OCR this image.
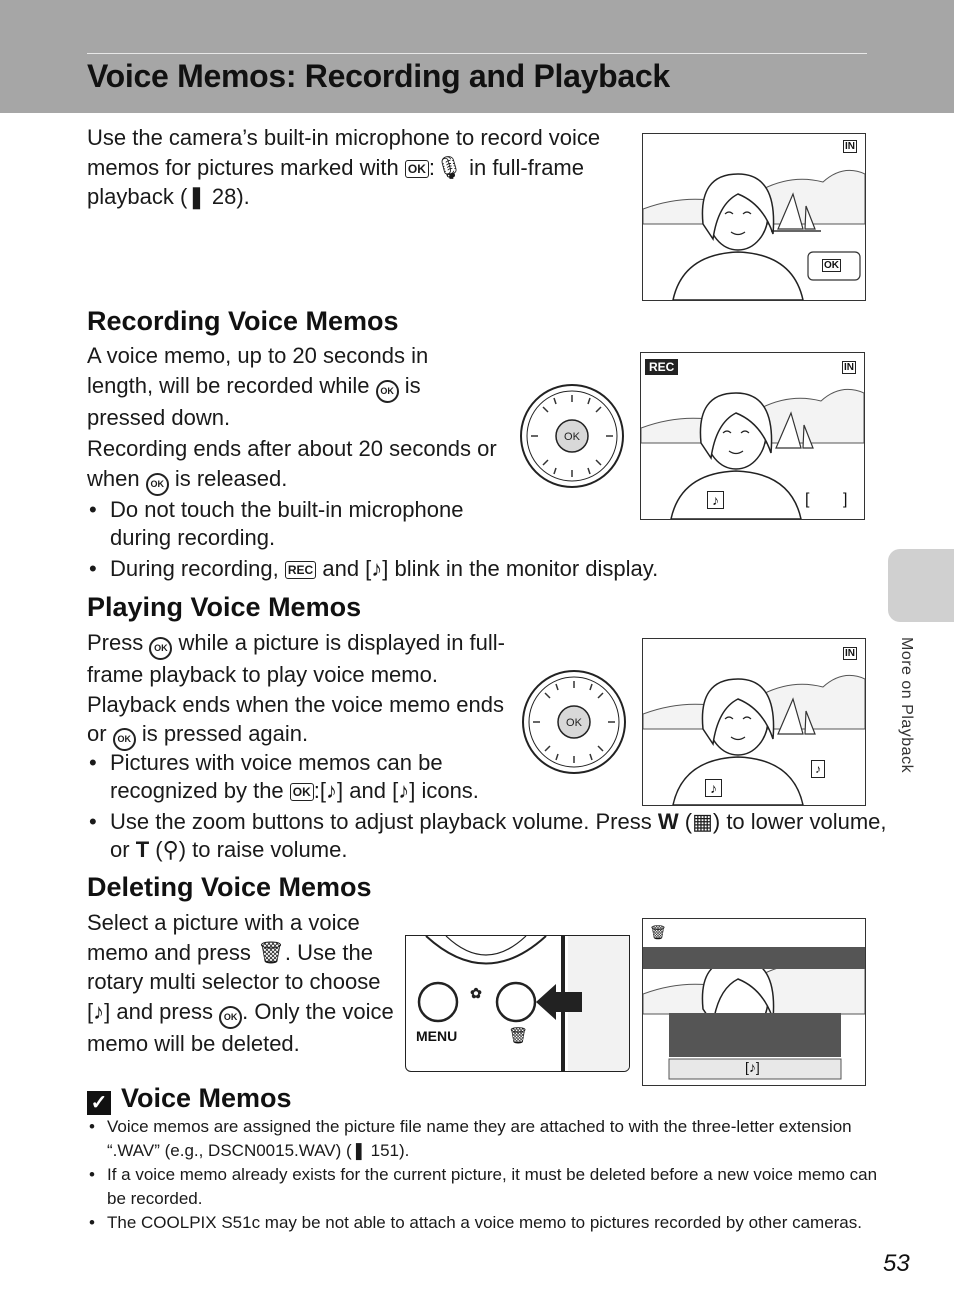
Voice Memos: Recording and Playback
More on Playback
Use the camera’s built-in microphone to record voice memos for pictures marked with OK :🎙 in full-frame playback (❚ 28).
IN
OK
Recording Voice Memos
A voice memo, up to 20 seconds in length, will be recorded while OK is pressed down.
Recording ends after about 20 seconds or when OK is released.
• Do not touch the built-in microphone during recording.
• During recording, REC and [♪] blink in the monitor display.
OK
REC	IN
♪	[ ]
Playing Voice Memos
Press OK while a picture is displayed in full-frame playback to play voice memo. Playback ends when the voice memo ends or OK is pressed again.
• Pictures with voice memos can be recognized by the OK :[♪] and [♪] icons.
• Use the zoom buttons to adjust playback volume. Press W (▦) to lower volume, or T (⚲) to raise volume.
OK
IN
♪
♪
Deleting Voice Memos
Select a picture with a voice memo and press 🗑. Use the rotary multi selector to choose [♪] and press OK . Only the voice memo will be deleted.
✿
MENU	🗑
🗑
[♪]
✓ Voice Memos
• Voice memos are assigned the picture file name they are attached to with the three-letter extension “.WAV” (e.g., DSCN0015.WAV) (❚ 151).
• If a voice memo already exists for the current picture, it must be deleted before a new voice memo can be recorded.
• The COOLPIX S51c may be not able to attach a voice memo to pictures recorded by other cameras.
53
